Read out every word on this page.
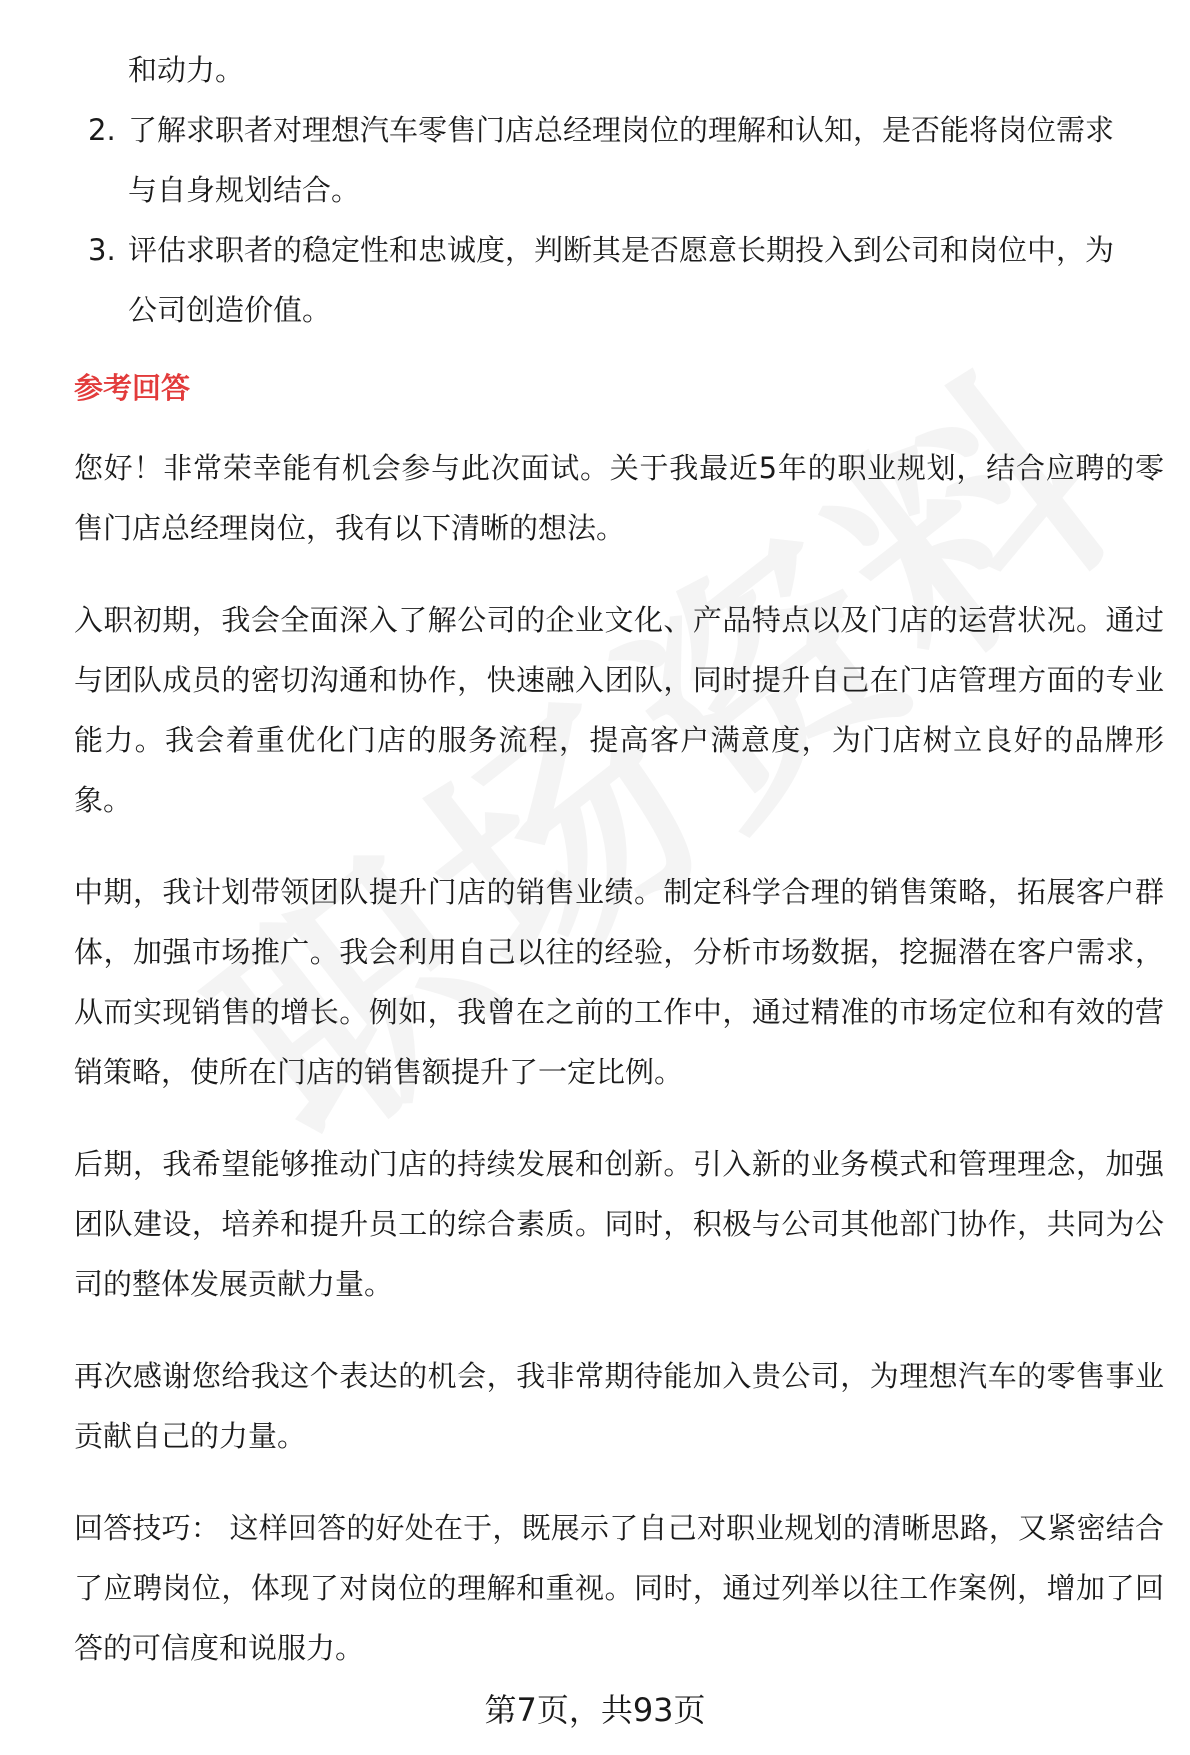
和动力。
2. 了解求职者对理想汽车零售门店总经理岗位的理解和认知，是否能将岗位需求与自身规划结合。
3. 评估求职者的稳定性和忠诚度，判断其是否愿意长期投入到公司和岗位中，为公司创造价值。
参考回答

您好！非常荣幸能有机会参与此次面试。关于我最近5年的职业规划，结合应聘的零售门店总经理岗位，我有以下清晰的想法。

入职初期，我会全面深入了解公司的企业文化、产品特点以及门店的运营状况。通过与团队成员的密切沟通和协作，快速融入团队，同时提升自己在门店管理方面的专业能力。我会着重优化门店的服务流程，提高客户满意度，为门店树立良好的品牌形象。

中期，我计划带领团队提升门店的销售业绩。制定科学合理的销售策略，拓展客户群体，加强市场推广。我会利用自己以往的经验，分析市场数据，挖掘潜在客户需求，从而实现销售的增长。例如，我曾在之前的工作中，通过精准的市场定位和有效的营销策略，使所在门店的销售额提升了一定比例。

后期，我希望能够推动门店的持续发展和创新。引入新的业务模式和管理理念，加强团队建设，培养和提升员工的综合素质。同时，积极与公司其他部门协作，共同为公司的整体发展贡献力量。

再次感谢您给我这个表达的机会，我非常期待能加入贵公司，为理想汽车的零售事业贡献自己的力量。

回答技巧： 这样回答的好处在于，既展示了自己对职业规划的清晰思路，又紧密结合了应聘岗位，体现了对岗位的理解和重视。同时，通过列举以往工作案例，增加了回答的可信度和说服力。

第7页，共93页
